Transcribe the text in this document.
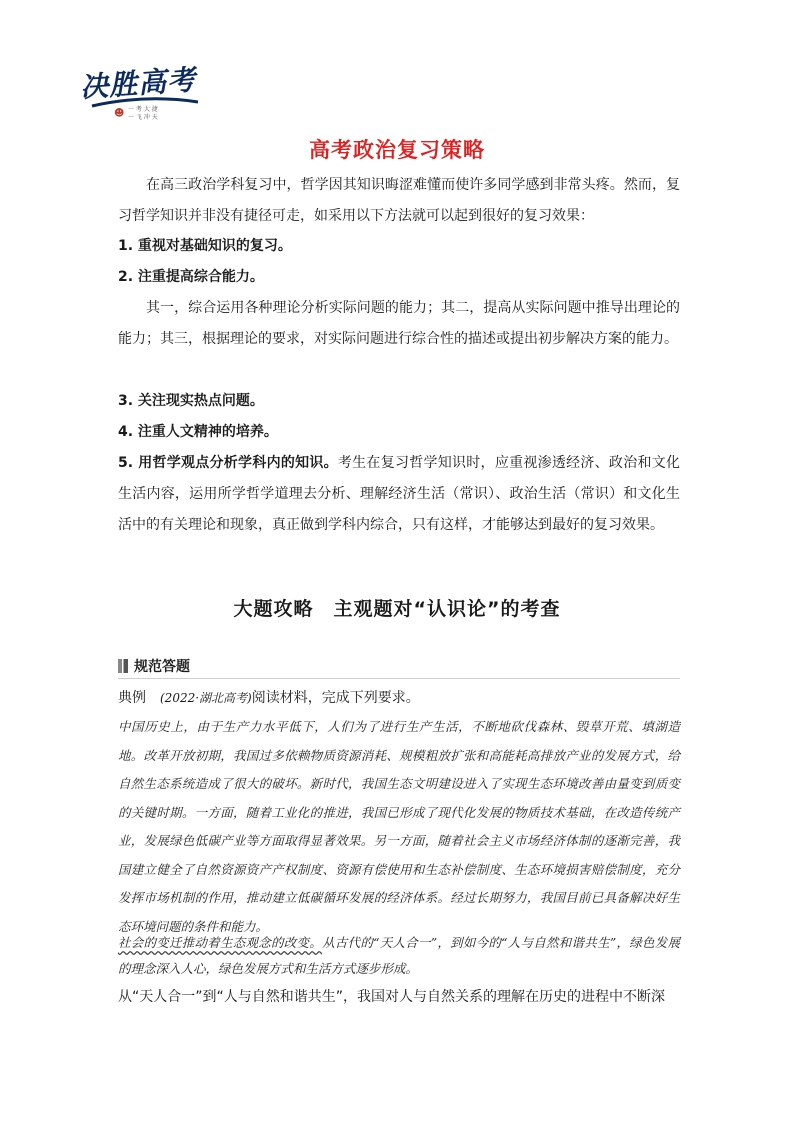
决胜高考
☻ 一 考 大 捷
一 飞 冲 天
高考政治复习策略

在高三政治学科复习中，哲学因其知识晦涩难懂而使许多同学感到非常头疼。然而，复习哲学知识并非没有捷径可走，如采用以下方法就可以起到很好的复习效果：

1. 重视对基础知识的复习。

2. 注重提高综合能力。

其一，综合运用各种理论分析实际问题的能力；其二，提高从实际问题中推导出理论的能力；其三，根据理论的要求，对实际问题进行综合性的描述或提出初步解决方案的能力。

3. 关注现实热点问题。

4. 注重人文精神的培养。

5. 用哲学观点分析学科内的知识。考生在复习哲学知识时，应重视渗透经济、政治和文化生活内容，运用所学哲学道理去分析、理解经济生活（常识）、政治生活（常识）和文化生活中的有关理论和现象，真正做到学科内综合，只有这样，才能够达到最好的复习效果。

大题攻略　主观题对“认识论”的考查
规范答题
典例　(2022·湖北高考)阅读材料，完成下列要求。

中国历史上，由于生产力水平低下，人们为了进行生产生活，不断地砍伐森林、毁草开荒、填湖造地。改革开放初期，我国过多依赖物质资源消耗、规模粗放扩张和高能耗高排放产业的发展方式，给自然生态系统造成了很大的破坏。新时代，我国生态文明建设进入了实现生态环境改善由量变到质变的关键时期。一方面，随着工业化的推进，我国已形成了现代化发展的物质技术基础，在改造传统产业，发展绿色低碳产业等方面取得显著效果。另一方面，随着社会主义市场经济体制的逐渐完善，我国建立健全了自然资源资产产权制度、资源有偿使用和生态补偿制度、生态环境损害赔偿制度，充分发挥市场机制的作用，推动建立低碳循环发展的经济体系。经过长期努力，我国目前已具备解决好生态环境问题的条件和能力。

社会的变迁推动着生态观念的改变。从古代的“天人合一”，到如今的“人与自然和谐共生”，绿色发展的理念深入人心，绿色发展方式和生活方式逐步形成。

从“天人合一”到“人与自然和谐共生”，我国对人与自然关系的理解在历史的进程中不断深
